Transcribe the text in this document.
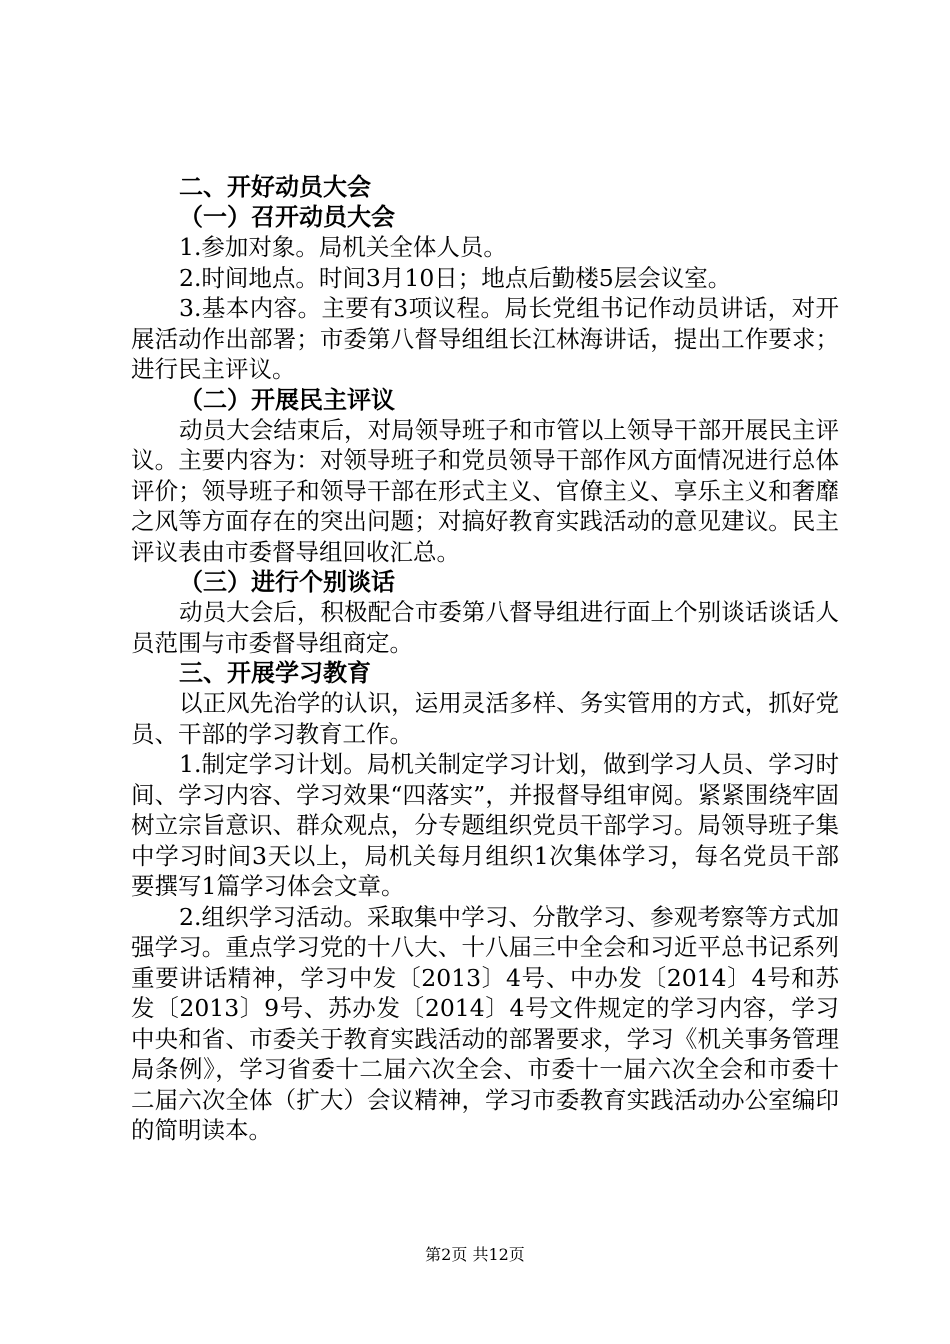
二、开好动员大会
（一）召开动员大会

1.参加对象。局机关全体人员。

2.时间地点。时间3月10日；地点后勤楼5层会议室。

3.基本内容。主要有3项议程。局长党组书记作动员讲话，对开展活动作出部署；市委第八督导组组长江林海讲话，提出工作要求；进行民主评议。

（二）开展民主评议

动员大会结束后，对局领导班子和市管以上领导干部开展民主评议。主要内容为：对领导班子和党员领导干部作风方面情况进行总体评价；领导班子和领导干部在形式主义、官僚主义、享乐主义和奢靡之风等方面存在的突出问题；对搞好教育实践活动的意见建议。民主评议表由市委督导组回收汇总。

（三）进行个别谈话

动员大会后，积极配合市委第八督导组进行面上个别谈话谈话人员范围与市委督导组商定。

三、开展学习教育

以正风先治学的认识，运用灵活多样、务实管用的方式，抓好党员、干部的学习教育工作。

1.制定学习计划。局机关制定学习计划，做到学习人员、学习时间、学习内容、学习效果“四落实”，并报督导组审阅。紧紧围绕牢固树立宗旨意识、群众观点，分专题组织党员干部学习。局领导班子集中学习时间3天以上，局机关每月组织1次集体学习，每名党员干部要撰写1篇学习体会文章。

2.组织学习活动。采取集中学习、分散学习、参观考察等方式加强学习。重点学习党的十八大、十八届三中全会和习近平总书记系列重要讲话精神，学习中发〔2013〕4号、中办发〔2014〕4号和苏发〔2013〕9号、苏办发〔2014〕4号文件规定的学习内容，学习中央和省、市委关于教育实践活动的部署要求，学习《机关事务管理局条例》，学习省委十二届六次全会、市委十一届六次全会和市委十二届六次全体（扩大）会议精神，学习市委教育实践活动办公室编印的简明读本。

第2页 共12页
